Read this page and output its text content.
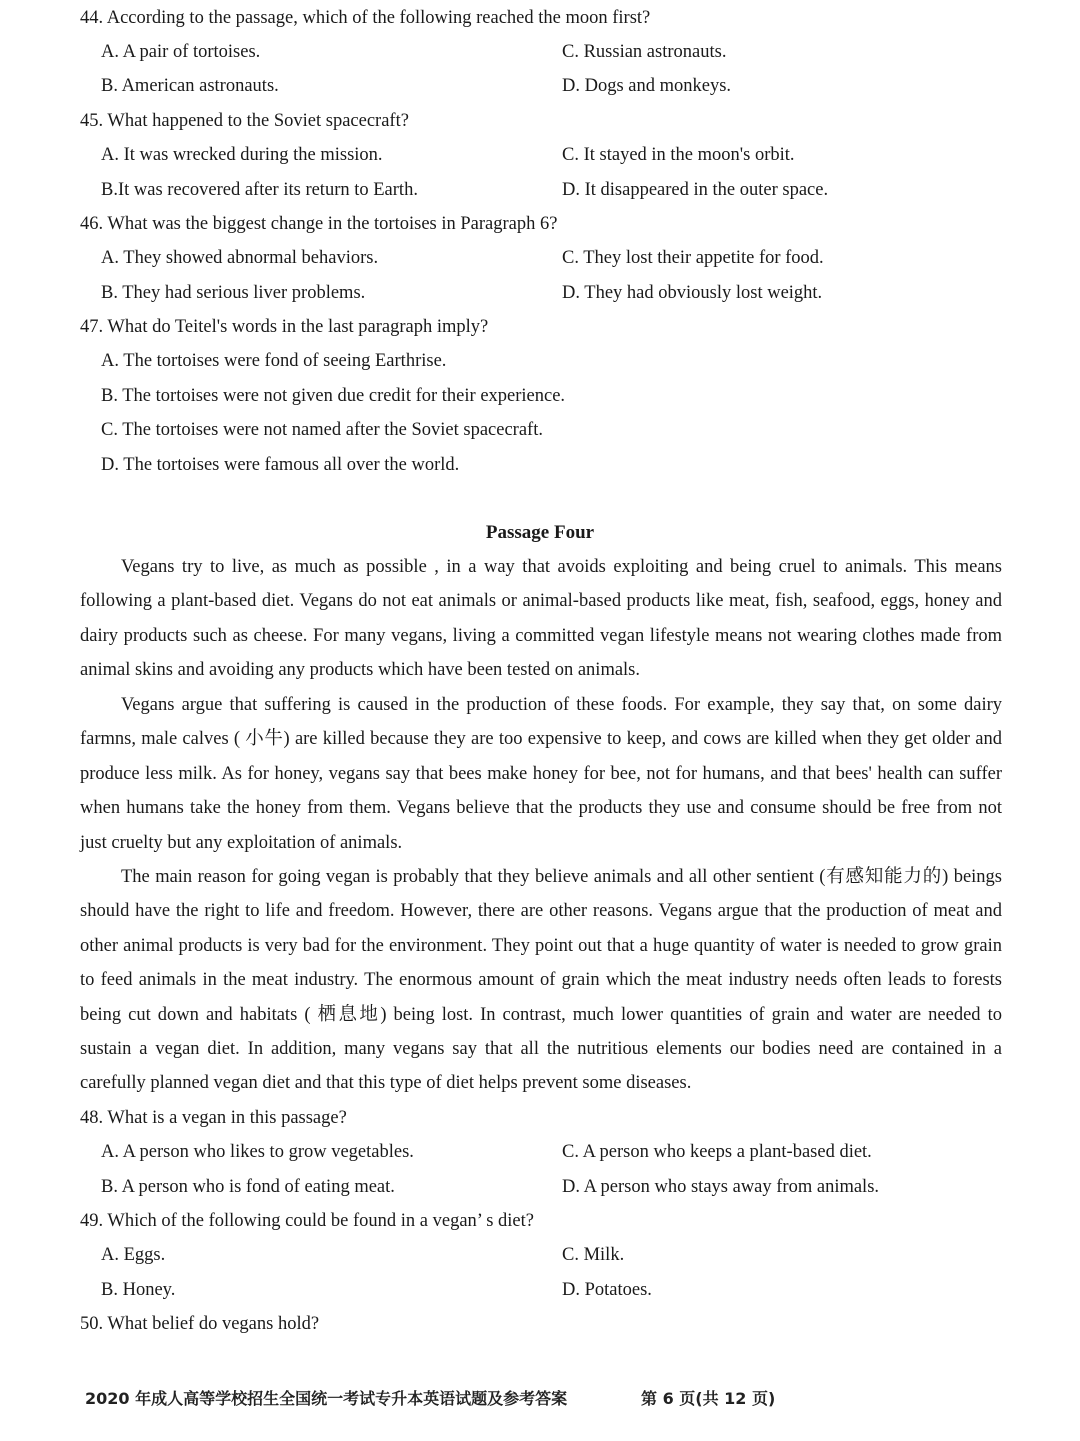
44. According to the passage, which of the following reached the moon first?
A. A pair of tortoises.	C. Russian astronauts.
B. American astronauts.	D. Dogs and monkeys.
45. What happened to the Soviet spacecraft?
A. It was wrecked during the mission.	C. It stayed in the moon's orbit.
B.It was recovered after its return to Earth.	D. It disappeared in the outer space.
46. What was the biggest change in the tortoises in Paragraph 6?
A. They showed abnormal behaviors.	C. They lost their appetite for food.
B. They had serious liver problems.	D. They had obviously lost weight.
47. What do Teitel's words in the last paragraph imply?
A. The tortoises were fond of seeing Earthrise.
B. The tortoises were not given due credit for their experience.
C. The tortoises were not named after the Soviet spacecraft.
D. The tortoises were famous all over the world.
Passage Four

Vegans try to live, as much as possible , in a way that avoids exploiting and being cruel to animals. This means following a plant-based diet. Vegans do not eat animals or animal-based products like meat, fish, seafood, eggs, honey and dairy products such as cheese. For many vegans, living a committed vegan lifestyle means not wearing clothes made from animal skins and avoiding any products which have been tested on animals.

Vegans argue that suffering is caused in the production of these foods. For example, they say that, on some dairy farmns, male calves ( 小牛) are killed because they are too expensive to keep, and cows are killed when they get older and produce less milk. As for honey, vegans say that bees make honey for bee, not for humans, and that bees' health can suffer when humans take the honey from them. Vegans believe that the products they use and consume should be free from not just cruelty but any exploitation of animals.

The main reason for going vegan is probably that they believe animals and all other sentient (有感知能力的) beings should have the right to life and freedom. However, there are other reasons. Vegans argue that the production of meat and other animal products is very bad for the environment. They point out that a huge quantity of water is needed to grow grain to feed animals in the meat industry. The enormous amount of grain which the meat industry needs often leads to forests being cut down and habitats ( 栖息地) being lost. In contrast, much lower quantities of grain and water are needed to sustain a vegan diet. In addition, many vegans say that all the nutritious elements our bodies need are contained in a carefully planned vegan diet and that this type of diet helps prevent some diseases.

48. What is a vegan in this passage?
A. A person who likes to grow vegetables.	C. A person who keeps a plant-based diet.
B. A person who is fond of eating meat.	D. A person who stays away from animals.
49. Which of the following could be found in a vegan’ s diet?
A. Eggs.	C. Milk.
B. Honey.	D. Potatoes.
50. What belief do vegans hold?
2020 年成人高等学校招生全国统一考试专升本英语试题及参考答案	第 6 页(共 12 页)
